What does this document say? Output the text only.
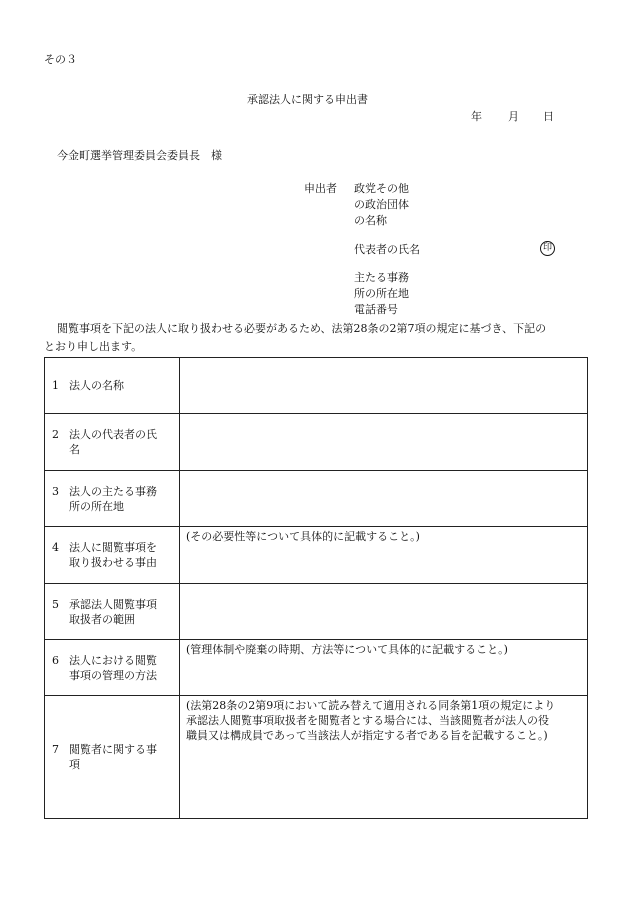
その３
承認法人に関する申出書
年 月 日
今金町選挙管理委員会委員長　様
申出者 政党その他
の政治団体
の名称
代表者の氏名	印
主たる事務
所の所在地
電話番号
閲覧事項を下記の法人に取り扱わせる必要があるため、法第28条の2第7項の規定に基づき、下記の
とおり申し出ます。
1 法人の名称	

2 法人の代表者の氏
名	

3 法人の主たる事務
所の所在地	

4 法人に閲覧事項を
取り扱わせる事由	(その必要性等について具体的に記載すること。)

5 承認法人閲覧事項
取扱者の範囲	

6 法人における閲覧
事項の管理の方法	(管理体制や廃棄の時期、方法等について具体的に記載すること。)

7 閲覧者に関する事
項	(法第28条の2第9項において読み替えて適用される同条第1項の規定により
承認法人閲覧事項取扱者を閲覧者とする場合には、当該閲覧者が法人の役
職員又は構成員であって当該法人が指定する者である旨を記載すること。)
